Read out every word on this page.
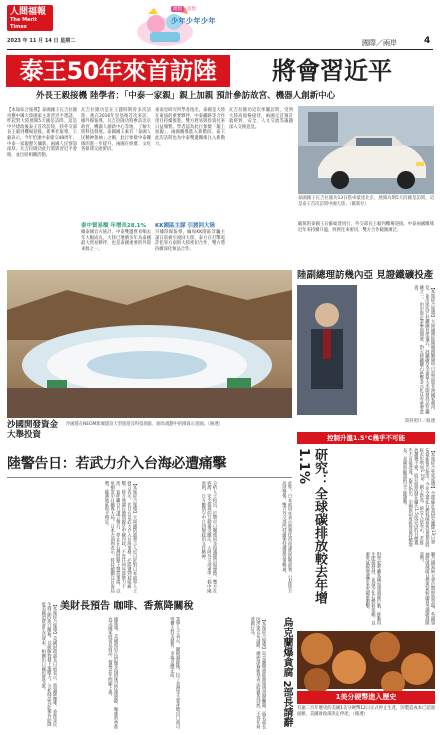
人間福報
The Merit Times
2023 年 11 月 14 日 星期二
理想	思想
少年少年少年
國際／兩岸	4
泰王50年來首訪陸	將會習近平
外長王毅接機 陸學者：「中泰一家親」親上加親 預計參訪故宮、機器人創新中心
【本報綜合報導】泰國國王瓦吉拉隆功應中國大陸國家主席習近平邀請，昨起對大陸展開5天國是訪問，這是中共建政後泰王首次訪陸，陸外交部長王毅到機場迎接。新華社報導，王毅表示，今年恰逢中泰建交48周年，中泰一家親歷久彌新，兩國人民情誼深厚。瓦吉拉隆功此行將與習近平會晤，並出席相關活動。
瓦吉拉隆功是在王儲時期曾多次訪陸，他在2016年登基後首次來訪。據外媒報導，瓦吉拉隆功將參訪北京故宮、機器人創新中心等地，了解大陸科技發展。泰國國王素有「泰國人民精神領袖」之稱，此行象徵中泰關係的進一步提升，兩國在經濟、文化各領域交流密切。
泰中貿易額 年增長28.1%
據泰國官方統計，中泰雙邊貿易額去年大幅成長，大陸已連續多年為泰國最大貿易夥伴，也是泰國重要的外資來源之一。
東南亞研究所學者指出，泰國是大陸在東協的重要夥伴，中泰鐵路等合作項目持續推進，雙方貿易與投資往來日益頻繁。學者認為此行象徵「親上加親」，兩國關係進入新階段，泰王此次訪問也為中泰雙邊關係注入新動力。
KK園區主謀 引渡回大陸
另據陸媒報導，緬甸KK園區詐騙主謀日前被引渡回大陸，泰方在打擊電詐犯罪方面與大陸密切合作，雙方將持續深化執法合作。
瓦吉拉隆功這次率團訪問，受到大陸高規格接待，兩國元首預計就經貿、安全、人文交流等議題深入交換意見。
泰國國王瓦吉拉隆功13日搭車抵達北京，展開為期5天的國是訪問，這是泰王首次訪問中國大陸。（歐新社）
隨駕的泰國王后蘇緹達同行，外交部長王毅到機場迎接。中泰兩國關係近年來持續升溫，經貿往來密切，雙方合作範圍廣泛。
沙國開發資金大舉投資
沙國將在NEOM新城建設大型旅遊及科技園區，圖為規劃中的園區示意圖。（路透）
陸副總理訪幾內亞 見證鐵礦投產
【本報綜合報導】大陸國務院副總理劉國中日前訪問非洲國家幾內亞，並出席西芒杜鐵礦投產儀式。該鐵礦是全球最大未開發高品位鐵礦之一，由中資企業參與開發，對大陸鐵礦石供應多元化具有重要意義。
資料照片／路透
陸警告日：若武力介入台海必遭痛擊
【本報綜合報導】大陸國防部發言人近日針對日本政界人士發言表示，若日方以武力介入台海事務，必將遭到迎頭痛擊。陸方強調台灣問題是中國內政，不容任何外部勢力干涉，並呼籲日方謹言慎行，停止在台灣問題上製造事端，以免損害中日關係大局。日本方面則表示，將持續關注台海局勢，維護地區和平穩定。	分析人士指出，近期中日關係因多項議題出現摩擦，雙方在經濟、安全領域的互動備受關注。大陸外交部重申一個中國原則，日方應恪守中日四個政治文件精神。	此外，日本政府亦表示將強化西南諸島防衛部署，引起陸方高度警惕，雙方外交部門持續保持溝通管道暢通。
美財長預告 咖啡、香蕉降關稅
【本報綜合報導】美國財政部長日前表示，將調降咖啡、香蕉等民生商品的進口關稅，以緩解物價上漲壓力。分析師認為此舉有助降低美國消費者生活成本，相關出口國也將受惠。	據報導，美國政府正研擬多項措施以控制通膨，咖啡與香蕉為美國家庭常見商品，價格近年明顯上揚。	業界人士表示，關稅調降後，拉丁美洲等主要產地出口商可望擴大對美銷售，市場反應正面。	烏克蘭爆貪腐 2部長請辭
【本報綜合報導】烏克蘭爆發能源領域貪腐醜聞，兩名部長因涉案宣布請辭，總統澤倫斯基表示將徹查到底，不容任何貪腐行為。
控制升溫1.5°C幾乎不可能
研究：全球碳排放較去年增1.1%	【本報綜合外電報導】全球碳計畫研究團隊13日發布最新報告指出，今年全球化石燃料碳排放量預估將較去年增加1.1%，創下新高。研究人員表示，若排放趨勢不變，將升溫控制在攝氏1.5度以內的目標幾乎不可能達成。報告指出，中國與印度排放量持續增長，美國與歐盟則呈下降趨勢。
科學家呼籲各國加速減碳行動，推動再生能源發展，並減少化石燃料依賴，以避免氣候變遷帶來更嚴重衝擊。	聯合國氣候大會近期即將登場，各國領袖將就減碳目標與氣候融資等議題展開談判。
1美分硬幣進入歷史
有逾二百年歷史的美國1美分硬幣12日正式停止生產，因製造成本已超過面額，美國財政部決定停產。（路透）
